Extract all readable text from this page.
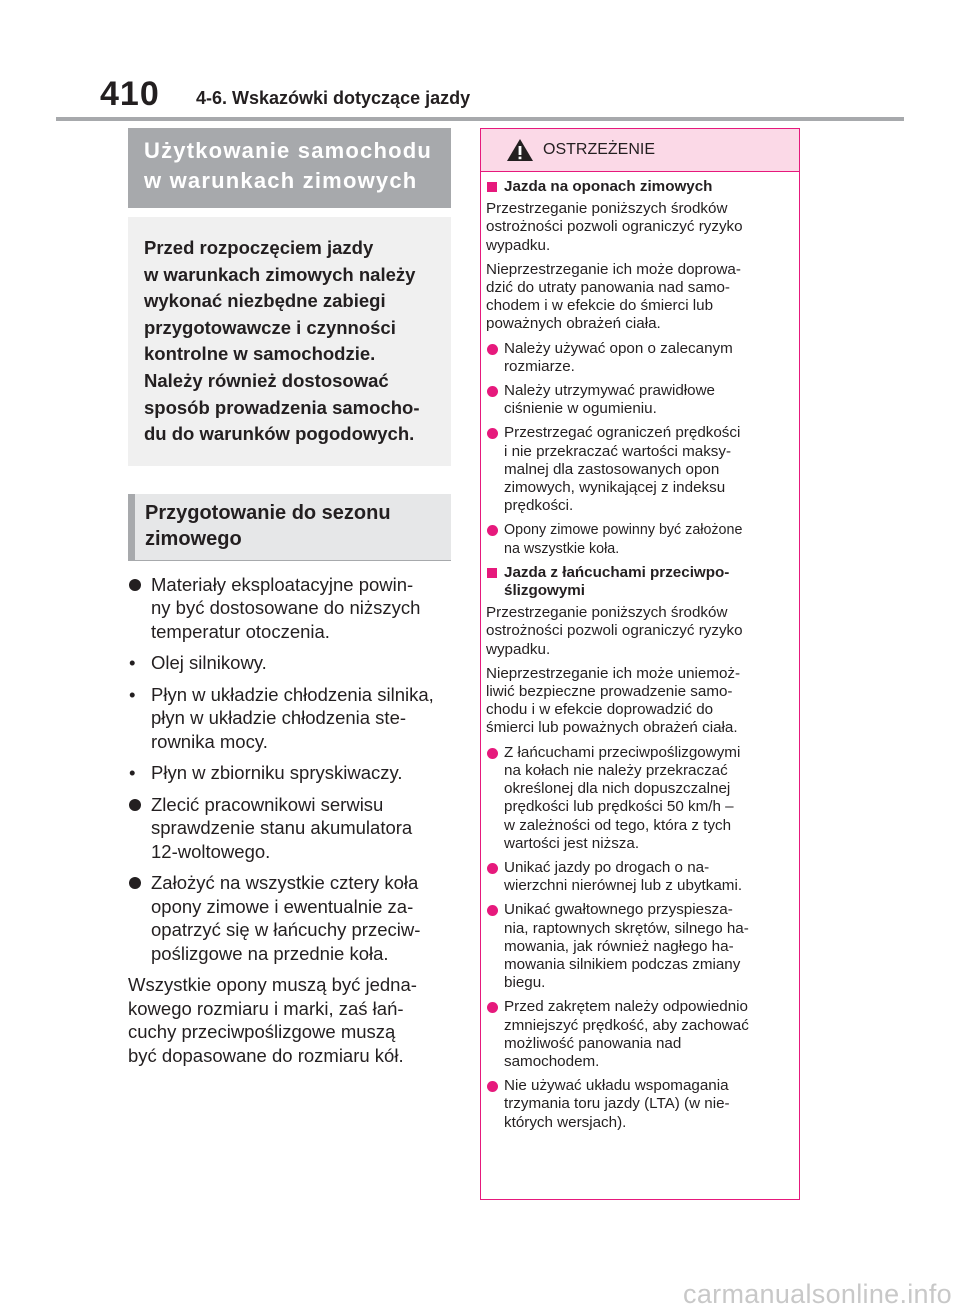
410 4-6. Wskazówki dotyczące jazdy
Użytkowanie samochodu
w warunkach zimowych
Przed rozpoczęciem jazdy
w warunkach zimowych należy
wykonać niezbędne zabiegi
przygotowawcze i czynności
kontrolne w samochodzie.
Należy również dostosować
sposób prowadzenia samocho-
du do warunków pogodowych.
Przygotowanie do sezonu
zimowego
Materiały eksploatacyjne powin-
ny być dostosowane do niższych
temperatur otoczenia.
• Olej silnikowy.
• Płyn w układzie chłodzenia silnika,
płyn w układzie chłodzenia ste-
rownika mocy.
• Płyn w zbiorniku spryskiwaczy.
Zlecić pracownikowi serwisu
sprawdzenie stanu akumulatora
12-woltowego.
Założyć na wszystkie cztery koła
opony zimowe i ewentualnie za-
opatrzyć się w łańcuchy przeciw-
poślizgowe na przednie koła.
Wszystkie opony muszą być jedna-
kowego rozmiaru i marki, zaś łań-
cuchy przeciwpoślizgowe muszą
być dopasowane do rozmiaru kół.
OSTRZEŻENIE
Jazda na oponach zimowych
Przestrzeganie poniższych środków
ostrożności pozwoli ograniczyć ryzyko
wypadku.
Nieprzestrzeganie ich może doprowa-
dzić do utraty panowania nad samo-
chodem i w efekcie do śmierci lub
poważnych obrażeń ciała.
Należy używać opon o zalecanym
rozmiarze.
Należy utrzymywać prawidłowe
ciśnienie w ogumieniu.
Przestrzegać ograniczeń prędkości
i nie przekraczać wartości maksy-
malnej dla zastosowanych opon
zimowych, wynikającej z indeksu
prędkości.
Opony zimowe powinny być założone
na wszystkie koła.
Jazda z łańcuchami przeciwpo-
ślizgowymi
Przestrzeganie poniższych środków
ostrożności pozwoli ograniczyć ryzyko
wypadku.
Nieprzestrzeganie ich może uniemoż-
liwić bezpieczne prowadzenie samo-
chodu i w efekcie doprowadzić do
śmierci lub poważnych obrażeń ciała.
Z łańcuchami przeciwpoślizgowymi
na kołach nie należy przekraczać
określonej dla nich dopuszczalnej
prędkości lub prędkości 50 km/h –
w zależności od tego, która z tych
wartości jest niższa.
Unikać jazdy po drogach o na-
wierzchni nierównej lub z ubytkami.
Unikać gwałtownego przyspiesza-
nia, raptownych skrętów, silnego ha-
mowania, jak również nagłego ha-
mowania silnikiem podczas zmiany
biegu.
Przed zakrętem należy odpowiednio
zmniejszyć prędkość, aby zachować
możliwość panowania nad
samochodem.
Nie używać układu wspomagania
trzymania toru jazdy (LTA) (w nie-
których wersjach).
carmanualsonline.info
